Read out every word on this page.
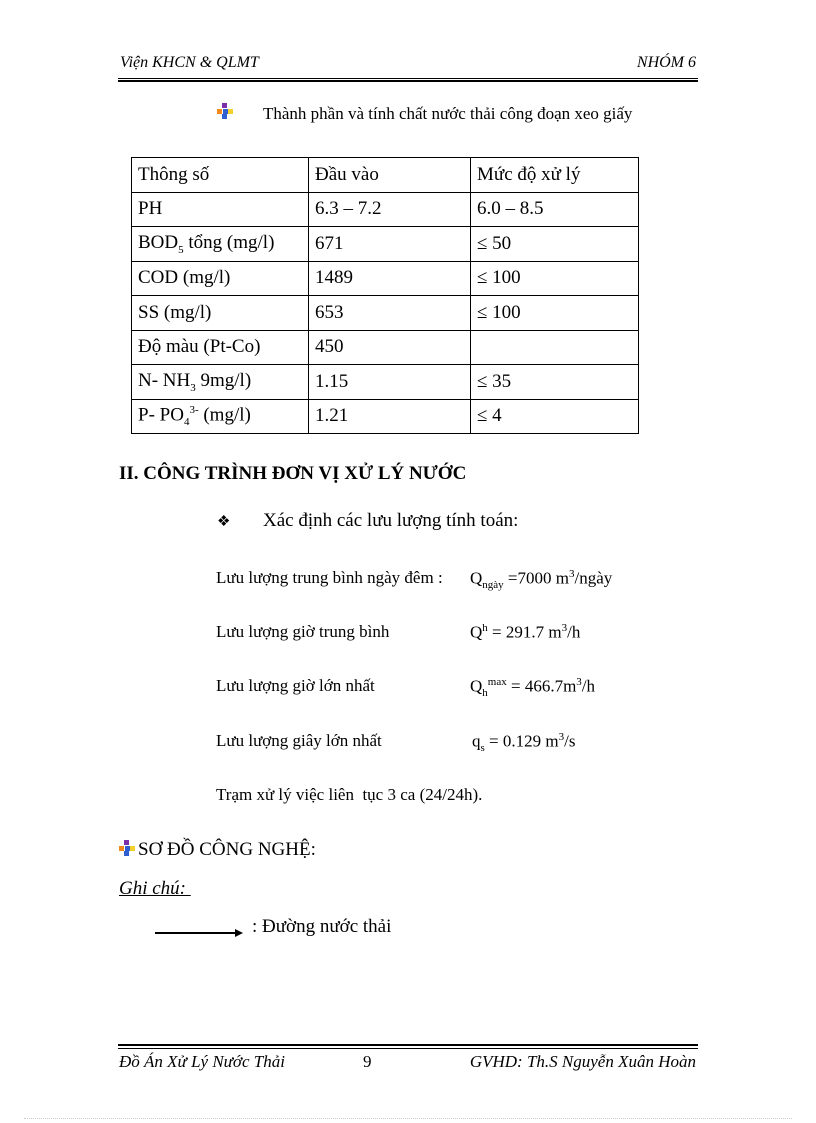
Viện KHCN & QLMT	NHÓM 6
Thành phần và tính chất nước thải công đoạn xeo giấy
Thông số	Đầu vào	Mức độ xử lý
PH	6.3 – 7.2	6.0 – 8.5
$BOD_5$ tổng (mg/l)	671	≤ 50
COD (mg/l)	1489	≤ 100
SS (mg/l)	653	≤ 100
Độ màu (Pt-Co)	450	
N- $NH_3$ 9mg/l)	1.15	≤ 35
P- $PO_4^{3-}$ (mg/l)	1.21	≤ 4
II. CÔNG TRÌNH ĐƠN VỊ XỬ LÝ NƯỚC
❖ Xác định các lưu lượng tính toán:
Lưu lượng trung bình ngày đêm : $Q_{ngày} =7000$ $m^3$/ngày
Lưu lượng giờ trung bình	$Q^h = 291.7$ $m^3/h$
Lưu lượng giờ lớn nhất	$Q_h^{max} = 466.7m^3/h$
Lưu lượng giây lớn nhất	$q_s = 0.129$ $m^3/s$
Trạm xử lý việc liên  tục 3 ca (24/24h).
SƠ ĐỒ CÔNG NGHỆ:
Ghi chú:
: Đường nước thải
Đồ Án Xử Lý Nước Thải	9	GVHD: Th.S Nguyễn Xuân Hoàn
